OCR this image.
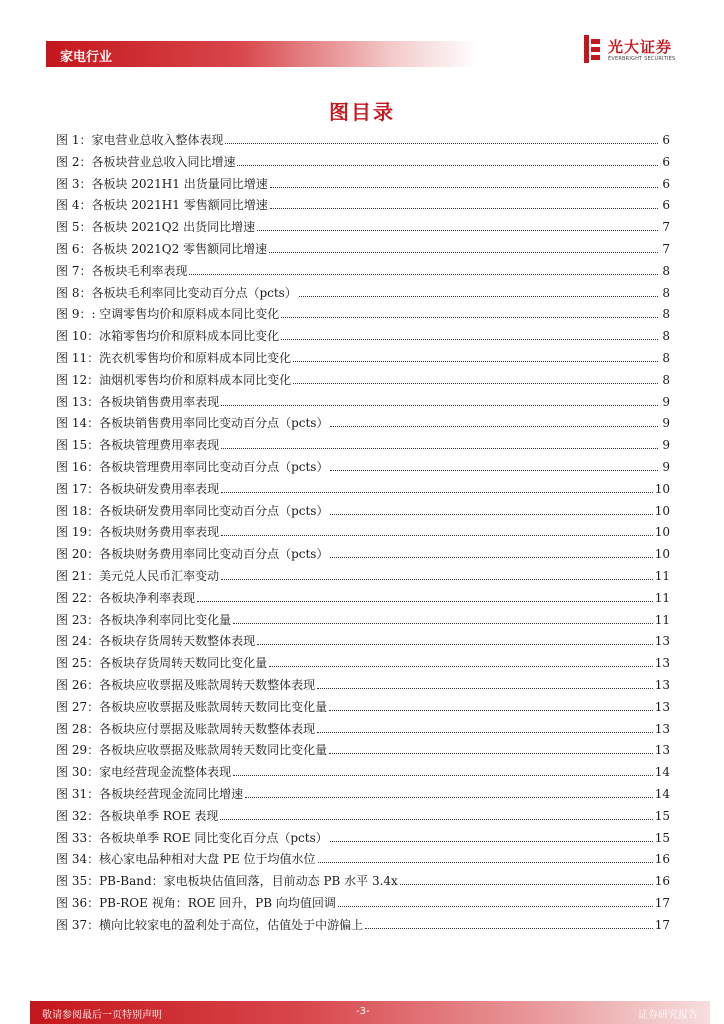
家电行业
光大证券
EVERBRIGHT SECURITIES
图目录
图 1：家电营业总收入整体表现	6
图 2：各板块营业总收入同比增速	6
图 3：各板块 2021H1 出货量同比增速	6
图 4：各板块 2021H1 零售额同比增速	6
图 5：各板块 2021Q2 出货同比增速	7
图 6：各板块 2021Q2 零售额同比增速	7
图 7：各板块毛利率表现	8
图 8：各板块毛利率同比变动百分点（pcts）	8
图 9：: 空调零售均价和原料成本同比变化	8
图 10：冰箱零售均价和原料成本同比变化	8
图 11：洗衣机零售均价和原料成本同比变化	8
图 12：油烟机零售均价和原料成本同比变化	8
图 13：各板块销售费用率表现	9
图 14：各板块销售费用率同比变动百分点（pcts）	9
图 15：各板块管理费用率表现	9
图 16：各板块管理费用率同比变动百分点（pcts）	9
图 17：各板块研发费用率表现	10
图 18：各板块研发费用率同比变动百分点（pcts）	10
图 19：各板块财务费用率表现	10
图 20：各板块财务费用率同比变动百分点（pcts）	10
图 21：美元兑人民币汇率变动	11
图 22：各板块净利率表现	11
图 23：各板块净利率同比变化量	11
图 24：各板块存货周转天数整体表现	13
图 25：各板块存货周转天数同比变化量	13
图 26：各板块应收票据及账款周转天数整体表现	13
图 27：各板块应收票据及账款周转天数同比变化量	13
图 28：各板块应付票据及账款周转天数整体表现	13
图 29：各板块应收票据及账款周转天数同比变化量	13
图 30：家电经营现金流整体表现	14
图 31：各板块经营现金流同比增速	14
图 32：各板块单季 ROE 表现	15
图 33：各板块单季 ROE 同比变化百分点（pcts）	15
图 34：核心家电品种相对大盘 PE 位于均值水位	16
图 35：PB-Band：家电板块估值回落，目前动态 PB 水平 3.4x	16
图 36：PB-ROE 视角：ROE 回升，PB 向均值回调	17
图 37：横向比较家电的盈利处于高位，估值处于中游偏上	17
敬请参阅最后一页特别声明	-3-	证券研究报告
